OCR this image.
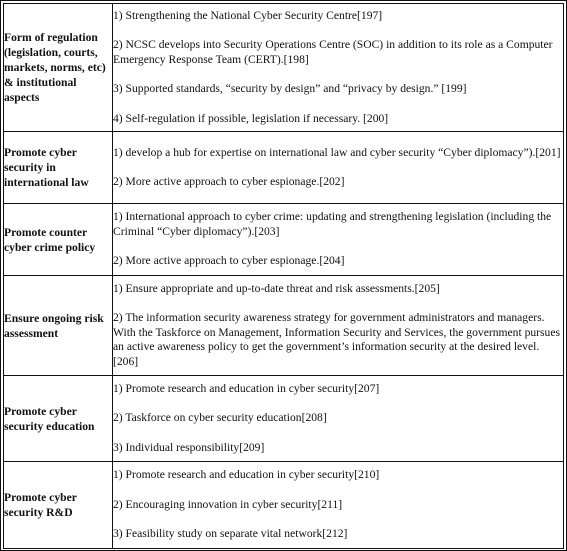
Form of regulation (legislation, courts, markets, norms, etc) & institutional aspects	1) Strengthening the National Cyber Security Centre[197]
2) NCSC develops into Security Operations Centre (SOC) in addition to its role as a Computer Emergency Response Team (CERT).[198]
3) Supported standards, “security by design” and “privacy by design.” [199]
4) Self-regulation if possible, legislation if necessary. [200]

Promote cyber security in international law	1) develop a hub for expertise on international law and cyber security “Cyber diplomacy”).[201]
2) More active approach to cyber espionage.[202]

Promote counter cyber crime policy	1) International approach to cyber crime: updating and strengthening legislation (including the Criminal “Cyber diplomacy”).[203]
2) More active approach to cyber espionage.[204]

Ensure ongoing risk assessment	1) Ensure appropriate and up-to-date threat and risk assessments.[205]
2) The information security awareness strategy for government administrators and managers. With the Taskforce on Management, Information Security and Services, the government pursues an active awareness policy to get the government’s information security at the desired level.[206]

Promote cyber security education	1) Promote research and education in cyber security[207]
2) Taskforce on cyber security education[208]
3) Individual responsibility[209]

Promote cyber security R&D	1) Promote research and education in cyber security[210]
2) Encouraging innovation in cyber security[211]
3) Feasibility study on separate vital network[212]
